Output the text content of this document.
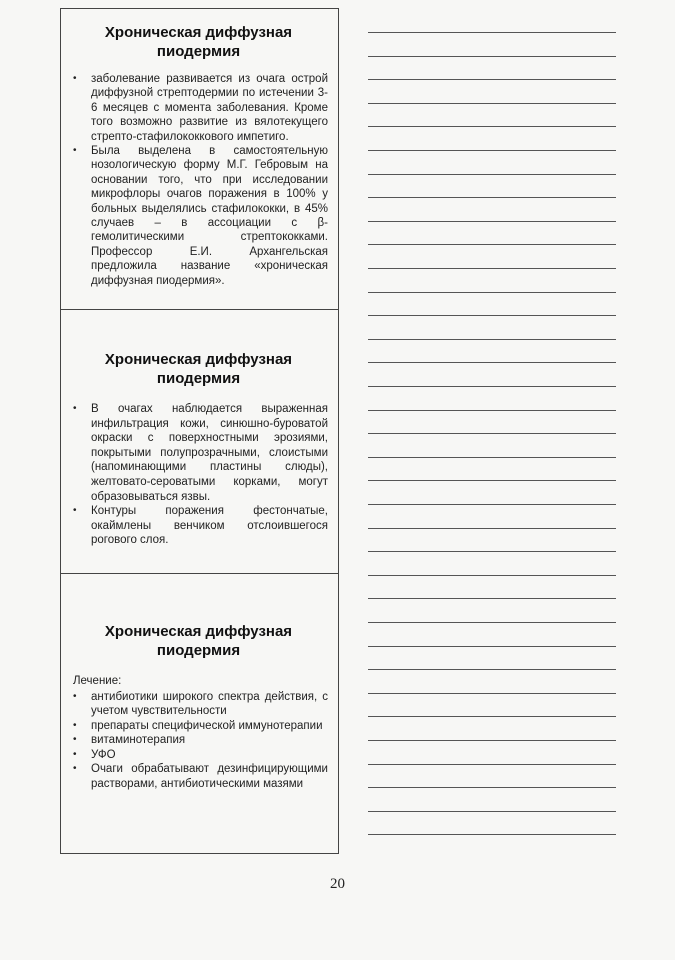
Хроническая диффузная пиодермия
• заболевание развивается из очага острой диффузной стрептодермии по истечении 3-6 месяцев с момента заболевания. Кроме того возможно развитие из вялотекущего стрепто-стафилококкового импетиго.
• Была выделена в самостоятельную нозологическую форму М.Г. Гебровым на основании того, что при исследовании микрофлоры очагов поражения в 100% у больных выделялись стафилококки, в 45% случаев – в ассоциации с β-гемолитическими стрептококками. Профессор Е.И. Архангельская предложила название «хроническая диффузная пиодермия».
Хроническая диффузная пиодермия
• В очагах наблюдается выраженная инфильтрация кожи, синюшно-буроватой окраски с поверхностными эрозиями, покрытыми полупрозрачными, слоистыми (напоминающими пластины слюды), желтовато-сероватыми корками, могут образовываться язвы.
• Контуры поражения фестончатые, окаймлены венчиком отслоившегося рогового слоя.
Хроническая диффузная пиодермия

Лечение:

• антибиотики широкого спектра действия, с учетом чувствительности
• препараты специфической иммунотерапии
• витаминотерапия
• УФО
• Очаги обрабатывают дезинфицирующими растворами, антибиотическими мазями
20
